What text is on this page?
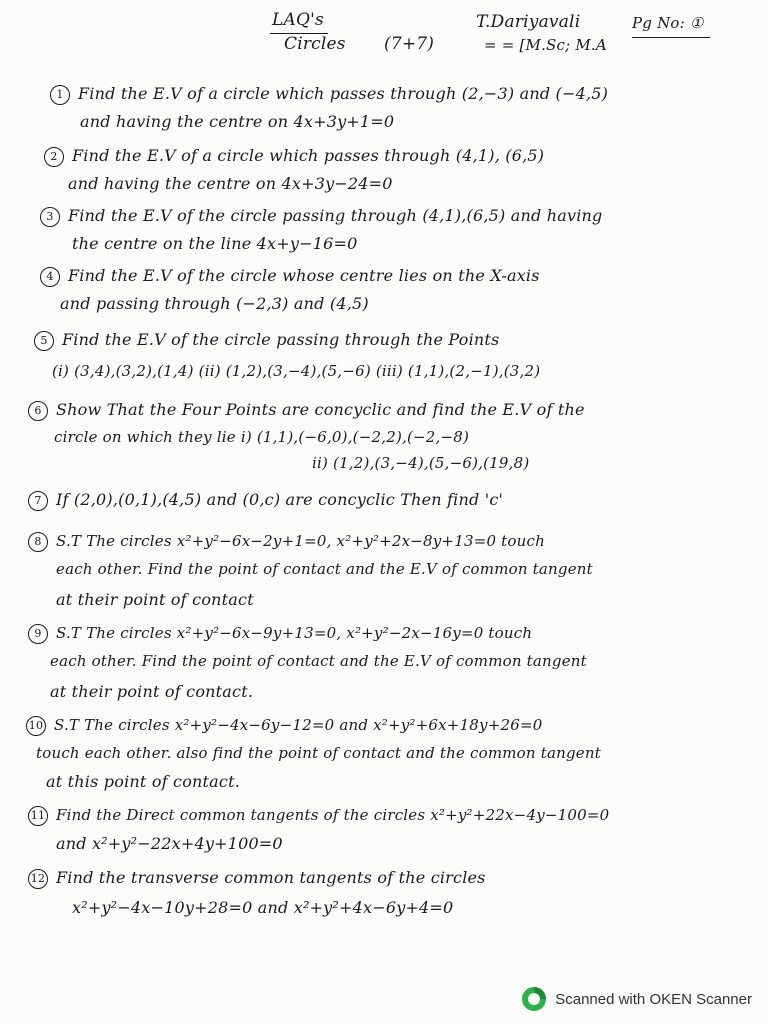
LAQ's
Circles (7+7)
T.Dariyavali
= = [M.Sc; M.A
Pg No: ①
1 Find the E.V of a circle which passes through (2,−3) and (−4,5)
and having the centre on 4x+3y+1=0
2 Find the E.V of a circle which passes through (4,1), (6,5)
and having the centre on 4x+3y−24=0
3 Find the E.V of the circle passing through (4,1),(6,5) and having
the centre on the line 4x+y−16=0
4 Find the E.V of the circle whose centre lies on the X-axis
and passing through (−2,3) and (4,5)
5 Find the E.V of the circle passing through the Points
(i) (3,4),(3,2),(1,4) (ii) (1,2),(3,−4),(5,−6) (iii) (1,1),(2,−1),(3,2)
6 Show That the Four Points are concyclic and find the E.V of the
circle on which they lie i) (1,1),(−6,0),(−2,2),(−2,−8)
ii) (1,2),(3,−4),(5,−6),(19,8)
7 If (2,0),(0,1),(4,5) and (0,c) are concyclic Then find 'c'
8 S.T The circles x²+y²−6x−2y+1=0, x²+y²+2x−8y+13=0 touch
each other. Find the point of contact and the E.V of common tangent
at their point of contact
9 S.T The circles x²+y²−6x−9y+13=0, x²+y²−2x−16y=0 touch
each other. Find the point of contact and the E.V of common tangent
at their point of contact.
10 S.T The circles x²+y²−4x−6y−12=0 and x²+y²+6x+18y+26=0
touch each other. also find the point of contact and the common tangent
at this point of contact.
11 Find the Direct common tangents of the circles x²+y²+22x−4y−100=0
and x²+y²−22x+4y+100=0
12 Find the transverse common tangents of the circles
x²+y²−4x−10y+28=0 and x²+y²+4x−6y+4=0
Scanned with OKEN Scanner
